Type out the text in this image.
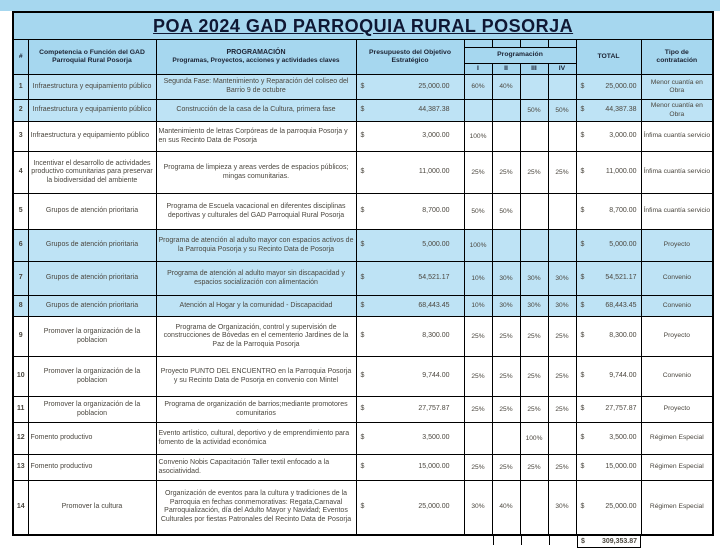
POA 2024 GAD PARROQUIA RURAL POSORJA									
#	Competencia o Función del GAD Parroquial Rural Posorja	PROGRAMACIÓN
Programas, Proyectos, acciones y actividades claves	Presupuesto del Objetivo Estratégico					TOTAL	Tipo de contratación
				Programación					
				I	II	III	IV		
1	Infraestructura y equipamiento público	Segunda Fase: Mantenimiento y Reparación del coliseo del Barrio 9 de octubre	$ 25,000.00	60%	40%			$ 25,000.00	Menor cuantía en Obra
2	Infraestructura y equipamiento público	Construcción de la casa de la Cultura, primera fase	$ 44,387.38			50%	50%	$ 44,387.38	Menor cuantía en Obra
3	Infraestructura y equipamiento público	Mantenimiento de letras Corpóreas de la parroquia Posorja y en sus Recinto Data de Posorja	$ 3,000.00	100%				$ 3,000.00	Ínfima cuantía servicio
4	Incentivar el desarrollo de actividades productivo comunitarias para preservar la biodiversidad del ambiente	Programa de limpieza y areas verdes de espacios públicos; mingas comunitarias.	$ 11,000.00	25%	25%	25%	25%	$ 11,000.00	Ínfima cuantía servicio
5	Grupos de atención prioritaria	Programa de Escuela vacacional en diferentes disciplinas deportivas y culturales del GAD Parroquial Rural Posorja	$ 8,700.00	50%	50%			$ 8,700.00	Ínfima cuantía servicio
6	Grupos de atención prioritaria	Programa de atención al adulto mayor con espacios activos de la Parroquia Posorja y su Recinto Data de Posorja	$ 5,000.00	100%				$ 5,000.00	Proyecto
7	Grupos de atención prioritaria	Programa de atención al adulto mayor sin discapacidad y espacios socialización con alimentación	$ 54,521.17	10%	30%	30%	30%	$ 54,521.17	Convenio
8	Grupos de atención prioritaria	Atención al Hogar y la comunidad - Discapacidad	$ 68,443.45	10%	30%	30%	30%	$ 68,443.45	Convenio
9	Promover la organización de la poblacion	Programa de Organización, control y supervisión de construcciones de Bóvedas en el cementerio Jardines de la Paz de la Parroquia Posorja	$ 8,300.00	25%	25%	25%	25%	$ 8,300.00	Proyecto
10	Promover la organización de la poblacion	Proyecto PUNTO DEL ENCUENTRO en la Parroquia Posorja y su Recinto Data de Posorja en convenio con Mintel	$ 9,744.00	25%	25%	25%	25%	$ 9,744.00	Convenio
11	Promover la organización de la poblacion	Programa de organización de barrios;mediante promotores comunitarios	$ 27,757.87	25%	25%	25%	25%	$ 27,757.87	Proyecto
12	Fomento productivo	Evento artístico, cultural, deportivo y de emprendimiento para fomento de la actividad económica	$ 3,500.00			100%		$ 3,500.00	Régimen Especial
13	Fomento productivo	Convenio Nobis Capacitación Taller textil enfocado a la asociatividad.	$ 15,000.00	25%	25%	25%	25%	$ 15,000.00	Régimen Especial
14	Promover la cultura	Organización de eventos para la cultura y tradiciones de la Parroquia en fechas conmemorativas: Regata,Carnaval Parroquialización, día del Adulto Mayor y Navidad; Eventos Culturales por fiestas Patronales del Recinto Data de Posorja	$ 25,000.00	30%	40%		30%	$ 25,000.00	Régimen Especial
$ 309,353.87
